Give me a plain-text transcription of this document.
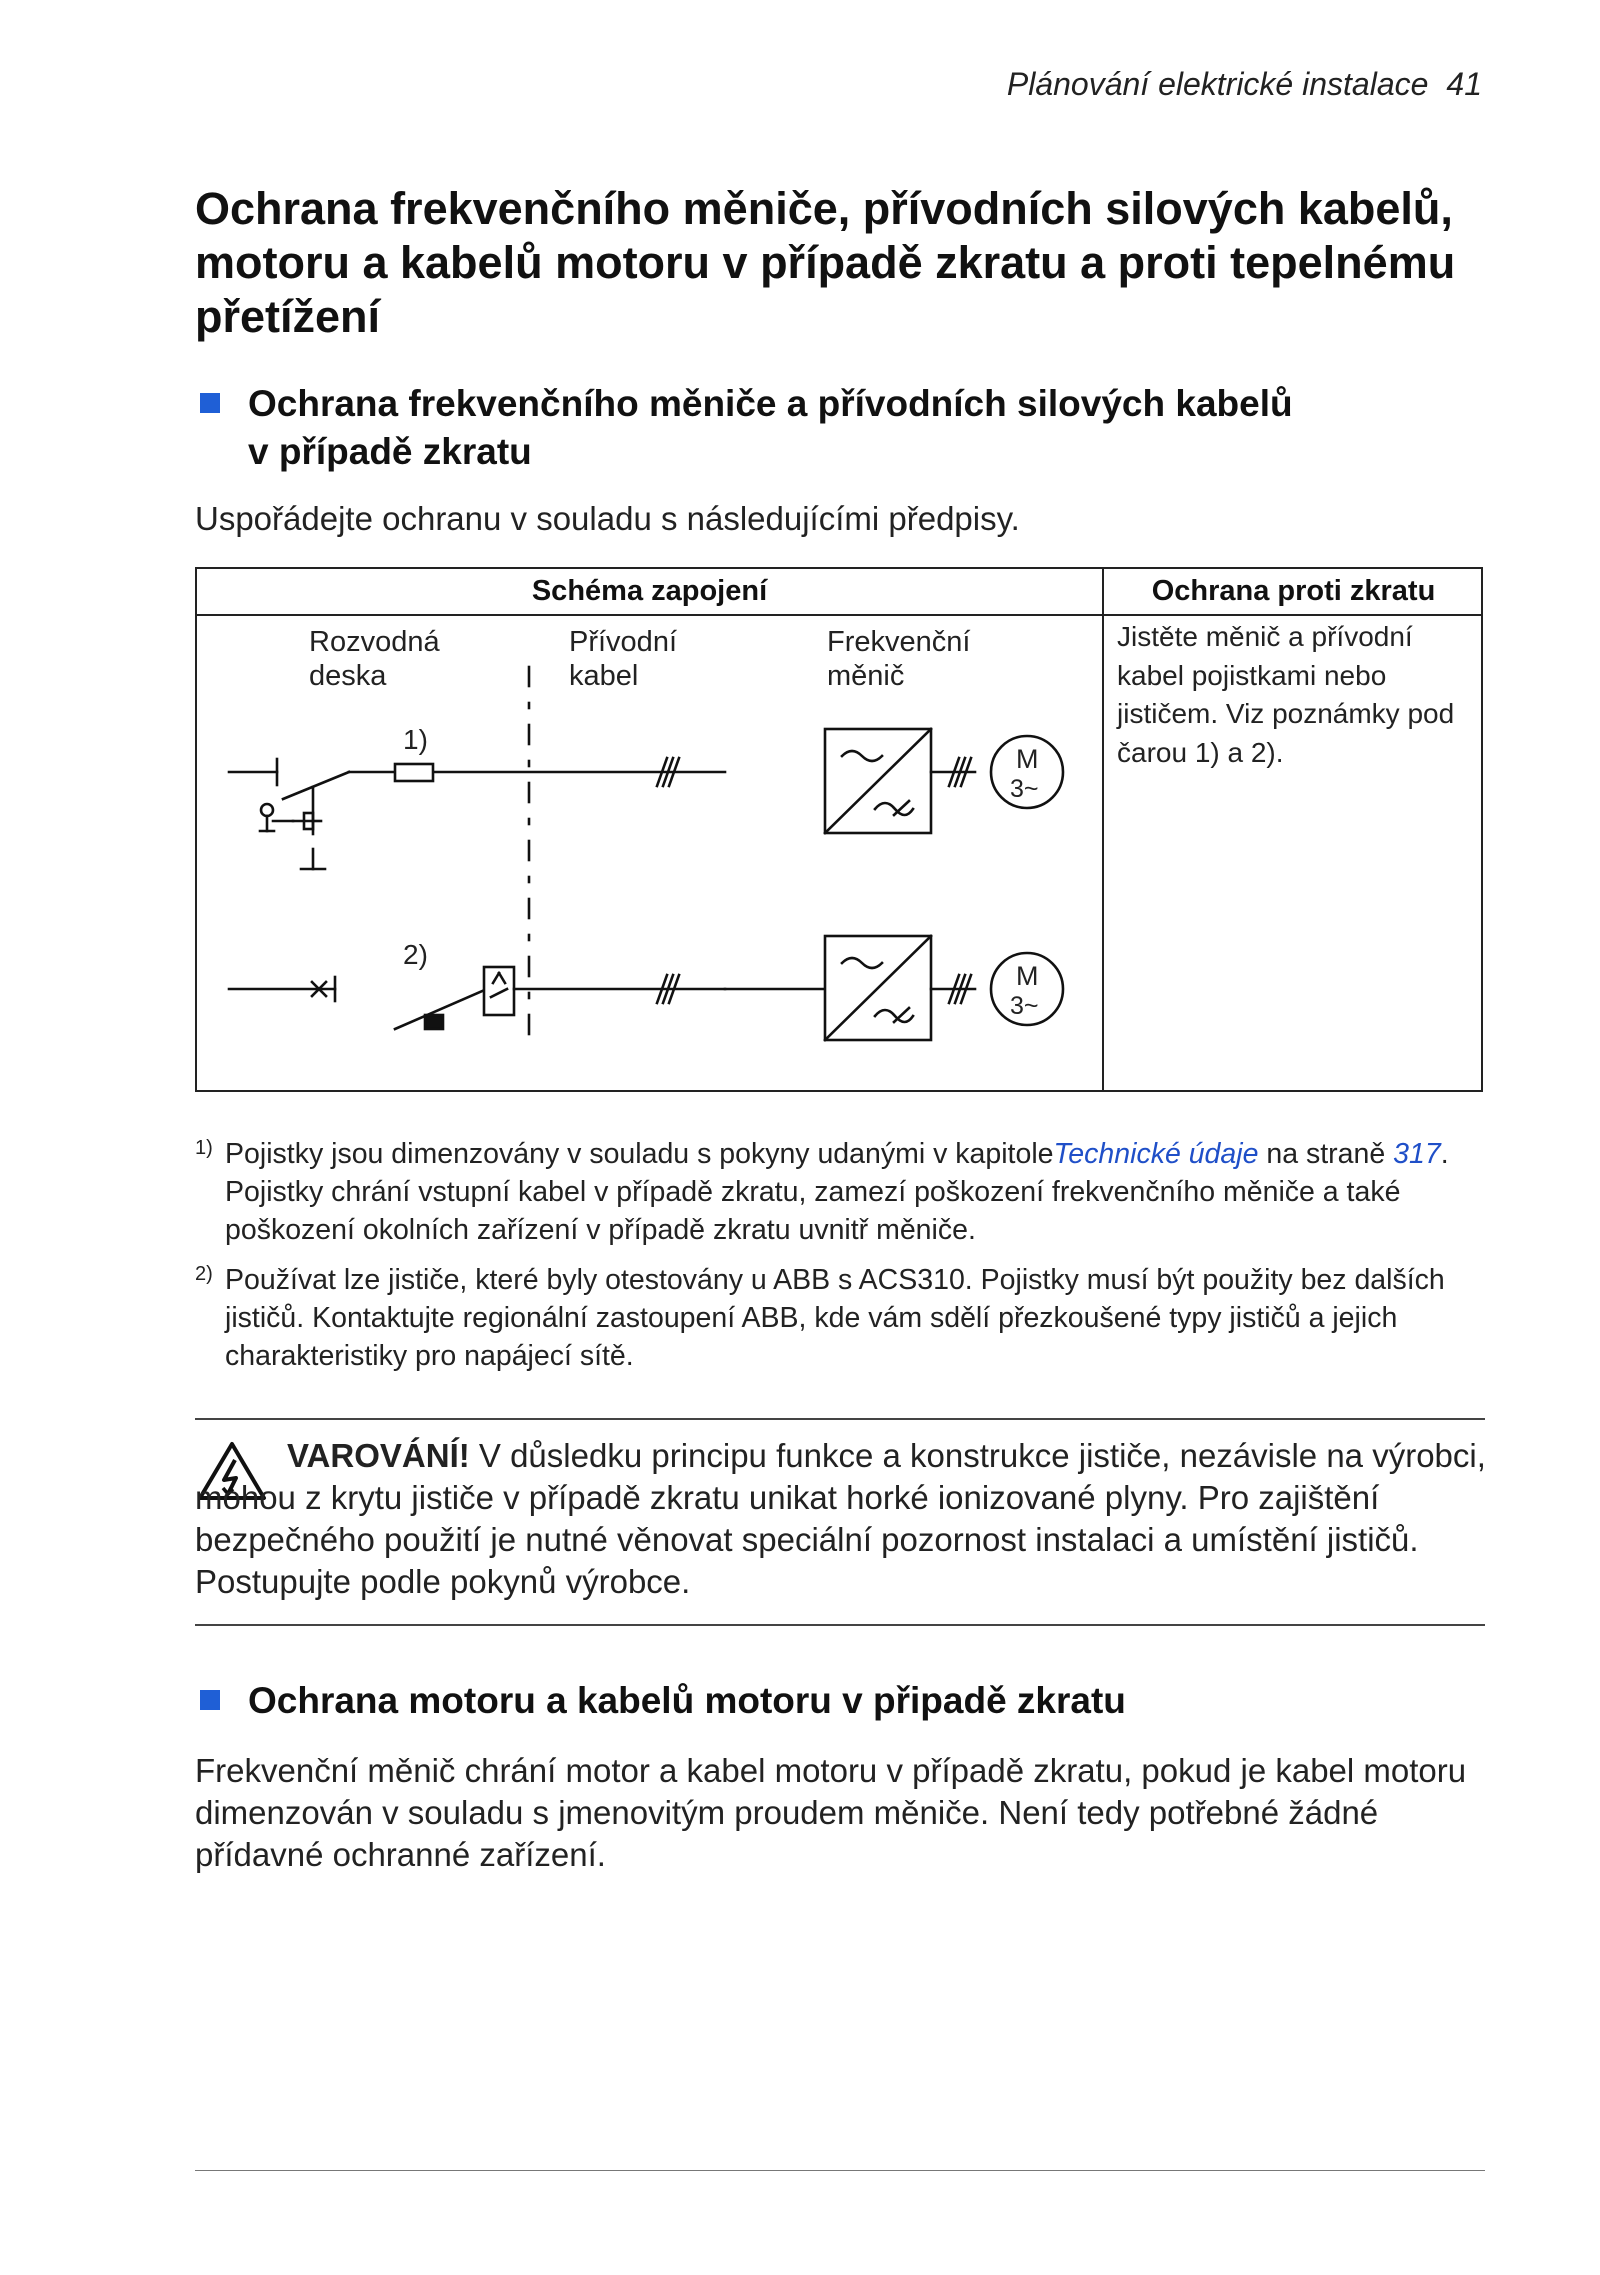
Plánování elektrické instalace 41
Ochrana frekvenčního měniče, přívodních silových kabelů, motoru a kabelů motoru v případě zkratu a proti tepelnému přetížení
Ochrana frekvenčního měniče a přívodních silových kabelů
v případě zkratu
Uspořádejte ochranu v souladu s následujícími předpisy.
Schéma zapojení	Ochrana proti zkratu
Rozvodná
deska
Přívodní
kabel
Frekvenční
měnič
1)
2)
M
3~
M
3~
Jistěte měnič a přívodní kabel pojistkami nebo jističem. Viz poznámky pod čarou 1) a 2).
1) Pojistky jsou dimenzovány v souladu s pokyny udanými v kapitoleTechnické údaje na straně 317. Pojistky chrání vstupní kabel v případě zkratu, zamezí poškození frekvenčního měniče a také poškození okolních zařízení v případě zkratu uvnitř měniče.
2) Používat lze jističe, které byly otestovány u ABB s ACS310. Pojistky musí být použity bez dalších jističů. Kontaktujte regionální zastoupení ABB, kde vám sdělí přezkoušené typy jističů a jejich charakteristiky pro napájecí sítě.
VAROVÁNÍ! V důsledku principu funkce a konstrukce jističe, nezávisle na výrobci, mohou z krytu jističe v případě zkratu unikat horké ionizované plyny. Pro zajištění bezpečného použití je nutné věnovat speciální pozornost instalaci a umístění jističů. Postupujte podle pokynů výrobce.
Ochrana motoru a kabelů motoru v připadě zkratu
Frekvenční měnič chrání motor a kabel motoru v případě zkratu, pokud je kabel motoru dimenzován v souladu s jmenovitým proudem měniče. Není tedy potřebné žádné přídavné ochranné zařízení.
